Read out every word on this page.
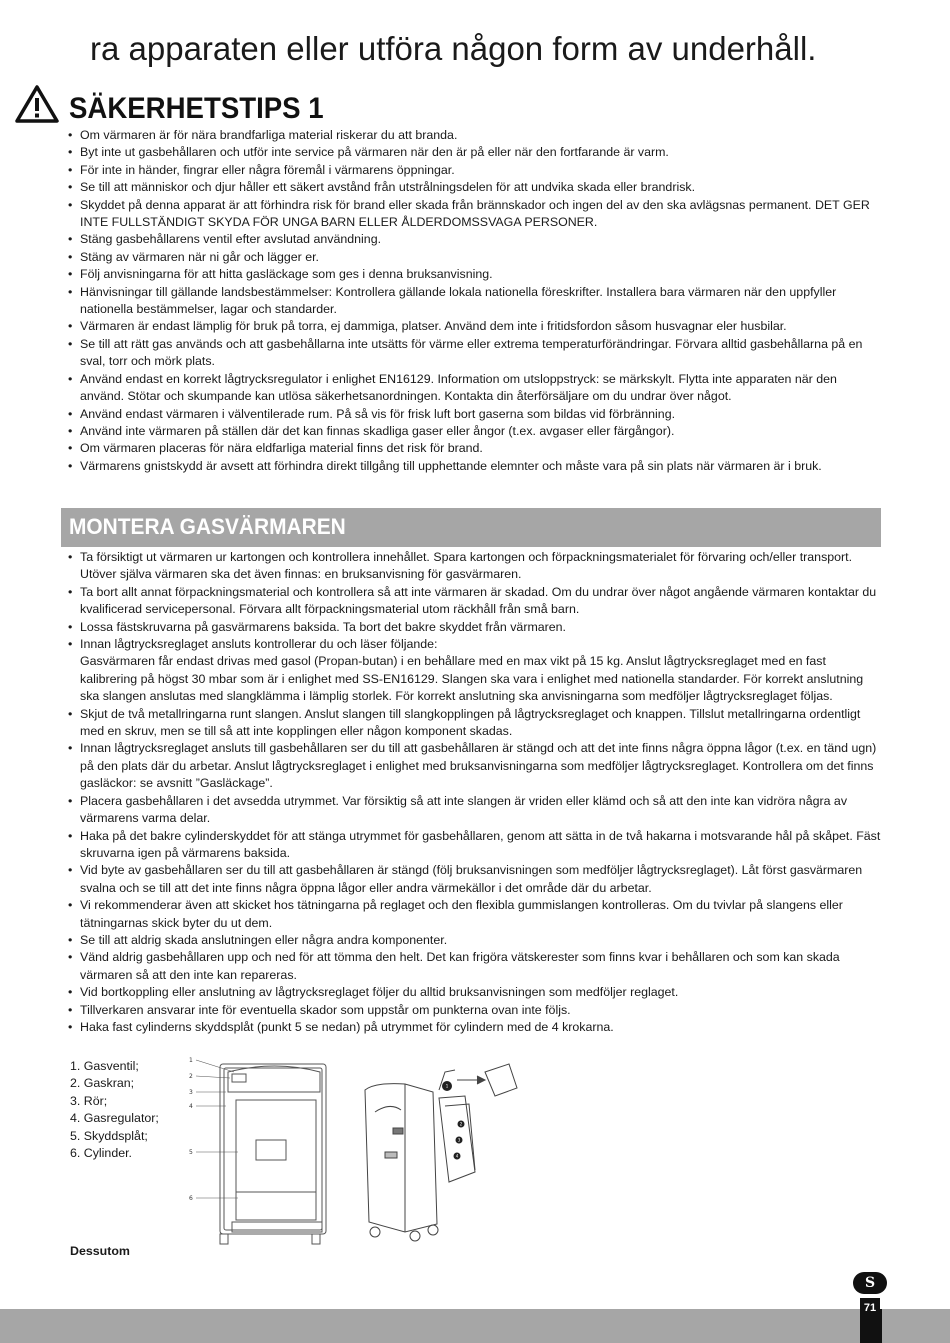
ra apparaten eller utföra någon form av underhåll.
SÄKERHETSTIPS 1
• Om värmaren är för nära brandfarliga material riskerar du att branda.
• Byt inte ut gasbehållaren och utför inte service på värmaren när den är på eller när den fortfarande är varm.
• För inte in händer, fingrar eller några föremål i värmarens öppningar.
• Se till att människor och djur håller ett säkert avstånd från utstrålningsdelen för att undvika skada eller brandrisk.
• Skyddet på denna apparat är att förhindra risk för brand eller skada från brännskador och ingen del av den ska avlägsnas permanent. DET GER INTE FULLSTÄNDIGT SKYDA FÖR UNGA BARN ELLER ÅLDERDOMSSVAGA PERSONER.
• Stäng gasbehållarens ventil efter avslutad användning.
• Stäng av värmaren när ni går och lägger er.
• Följ anvisningarna för att hitta gasläckage som ges i denna bruksanvisning.
• Hänvisningar till gällande landsbestämmelser: Kontrollera gällande lokala nationella föreskrifter. Installera bara värmaren när den uppfyller nationella bestämmelser, lagar och standarder.
• Värmaren är endast lämplig för bruk på torra, ej dammiga, platser. Använd dem inte i fritidsfordon såsom husvagnar eler husbilar.
• Se till att rätt gas används och att gasbehållarna inte utsätts för värme eller extrema temperaturförändringar. Förvara alltid gasbehållarna på en sval, torr och mörk plats.
• Använd endast en korrekt lågtrycksregulator i enlighet EN16129. Information om utsloppstryck: se märkskylt. Flytta inte apparaten när den använd. Stötar och skumpande kan utlösa säkerhetsanordningen. Kontakta din återförsäljare om du undrar över något.
• Använd endast värmaren i välventilerade rum. På så vis för frisk luft bort gaserna som bildas vid förbränning.
• Använd inte värmaren på ställen där det kan finnas skadliga gaser eller ångor (t.ex. avgaser eller färgångor).
• Om värmaren placeras för nära eldfarliga material finns det risk för brand.
• Värmarens gnistskydd är avsett att förhindra direkt tillgång till upphettande elemnter och måste vara på sin plats när värmaren är i bruk.
MONTERA GASVÄRMAREN
• Ta försiktigt ut värmaren ur kartongen och kontrollera innehållet. Spara kartongen och förpackningsmaterialet för förvaring och/eller transport. Utöver själva värmaren ska det även finnas: en bruksanvisning för gasvärmaren.
• Ta bort allt annat förpackningsmaterial och kontrollera så att inte värmaren är skadad. Om du undrar över något angående värmaren kontaktar du kvalificerad servicepersonal. Förvara allt förpackningsmaterial utom räckhåll från små barn.
• Lossa fästskruvarna på gasvärmarens baksida. Ta bort det bakre skyddet från värmaren.
• Innan lågtrycksreglaget ansluts kontrollerar du och läser följande:
Gasvärmaren får endast drivas med gasol (Propan-butan) i en behållare med en max vikt på 15 kg. Anslut lågtrycksreglaget med en fast kalibrering på högst 30 mbar som är i enlighet med SS-EN16129. Slangen ska vara i enlighet med nationella standarder. För korrekt anslutning ska slangen anslutas med slangklämma i lämplig storlek. För korrekt anslutning ska anvisningarna som medföljer lågtrycksreglaget följas.
• Skjut de två metallringarna runt slangen. Anslut slangen till slangkopplingen på lågtrycksreglaget och knappen. Tillslut metallringarna ordentligt med en skruv, men se till så att inte kopplingen eller någon komponent skadas.
• Innan lågtrycksreglaget ansluts till gasbehållaren ser du till att gasbehållaren är stängd och att det inte finns några öppna lågor (t.ex. en tänd ugn) på den plats där du arbetar. Anslut lågtrycksreglaget i enlighet med bruksanvisningarna som medföljer lågtrycksreglaget. Kontrollera om det finns gasläckor: se avsnitt ”Gasläckage”.
• Placera gasbehållaren i det avsedda utrymmet. Var försiktig så att inte slangen är vriden eller klämd och så att den inte kan vidröra några av värmarens varma delar.
• Haka på det bakre cylinderskyddet för att stänga utrymmet för gasbehållaren, genom att sätta in de två hakarna i motsvarande hål på skåpet. Fäst skruvarna igen på värmarens baksida.
• Vid byte av gasbehållaren ser du till att gasbehållaren är stängd (följ bruksanvisningen som medföljer lågtrycksreglaget). Låt först gasvärmaren svalna och se till att det inte finns några öppna lågor eller andra värmekällor i det område där du arbetar.
• Vi rekommenderar även att skicket hos tätningarna på reglaget och den flexibla gummislangen kontrolleras. Om du tvivlar på slangens eller tätningarnas skick byter du ut dem.
• Se till att aldrig skada anslutningen eller några andra komponenter.
• Vänd aldrig gasbehållaren upp och ned för att tömma den helt. Det kan frigöra vätskerester som finns kvar i behållaren och som kan skada värmaren så att den inte kan repareras.
• Vid bortkoppling eller anslutning av lågtrycksreglaget följer du alltid bruksanvisningen som medföljer reglaget.
• Tillverkaren ansvarar inte för eventuella skador som uppstår om punkterna ovan inte följs.
• Haka fast cylinderns skyddsplåt (punkt 5 se nedan) på utrymmet för cylindern med de 4 krokarna.
1. Gasventil;
2. Gaskran;
3. Rör;
4. Gasregulator;
5. Skyddsplåt;
6. Cylinder.
1
2
3
4
5
6
1
2
3
4
Dessutom
S
71
